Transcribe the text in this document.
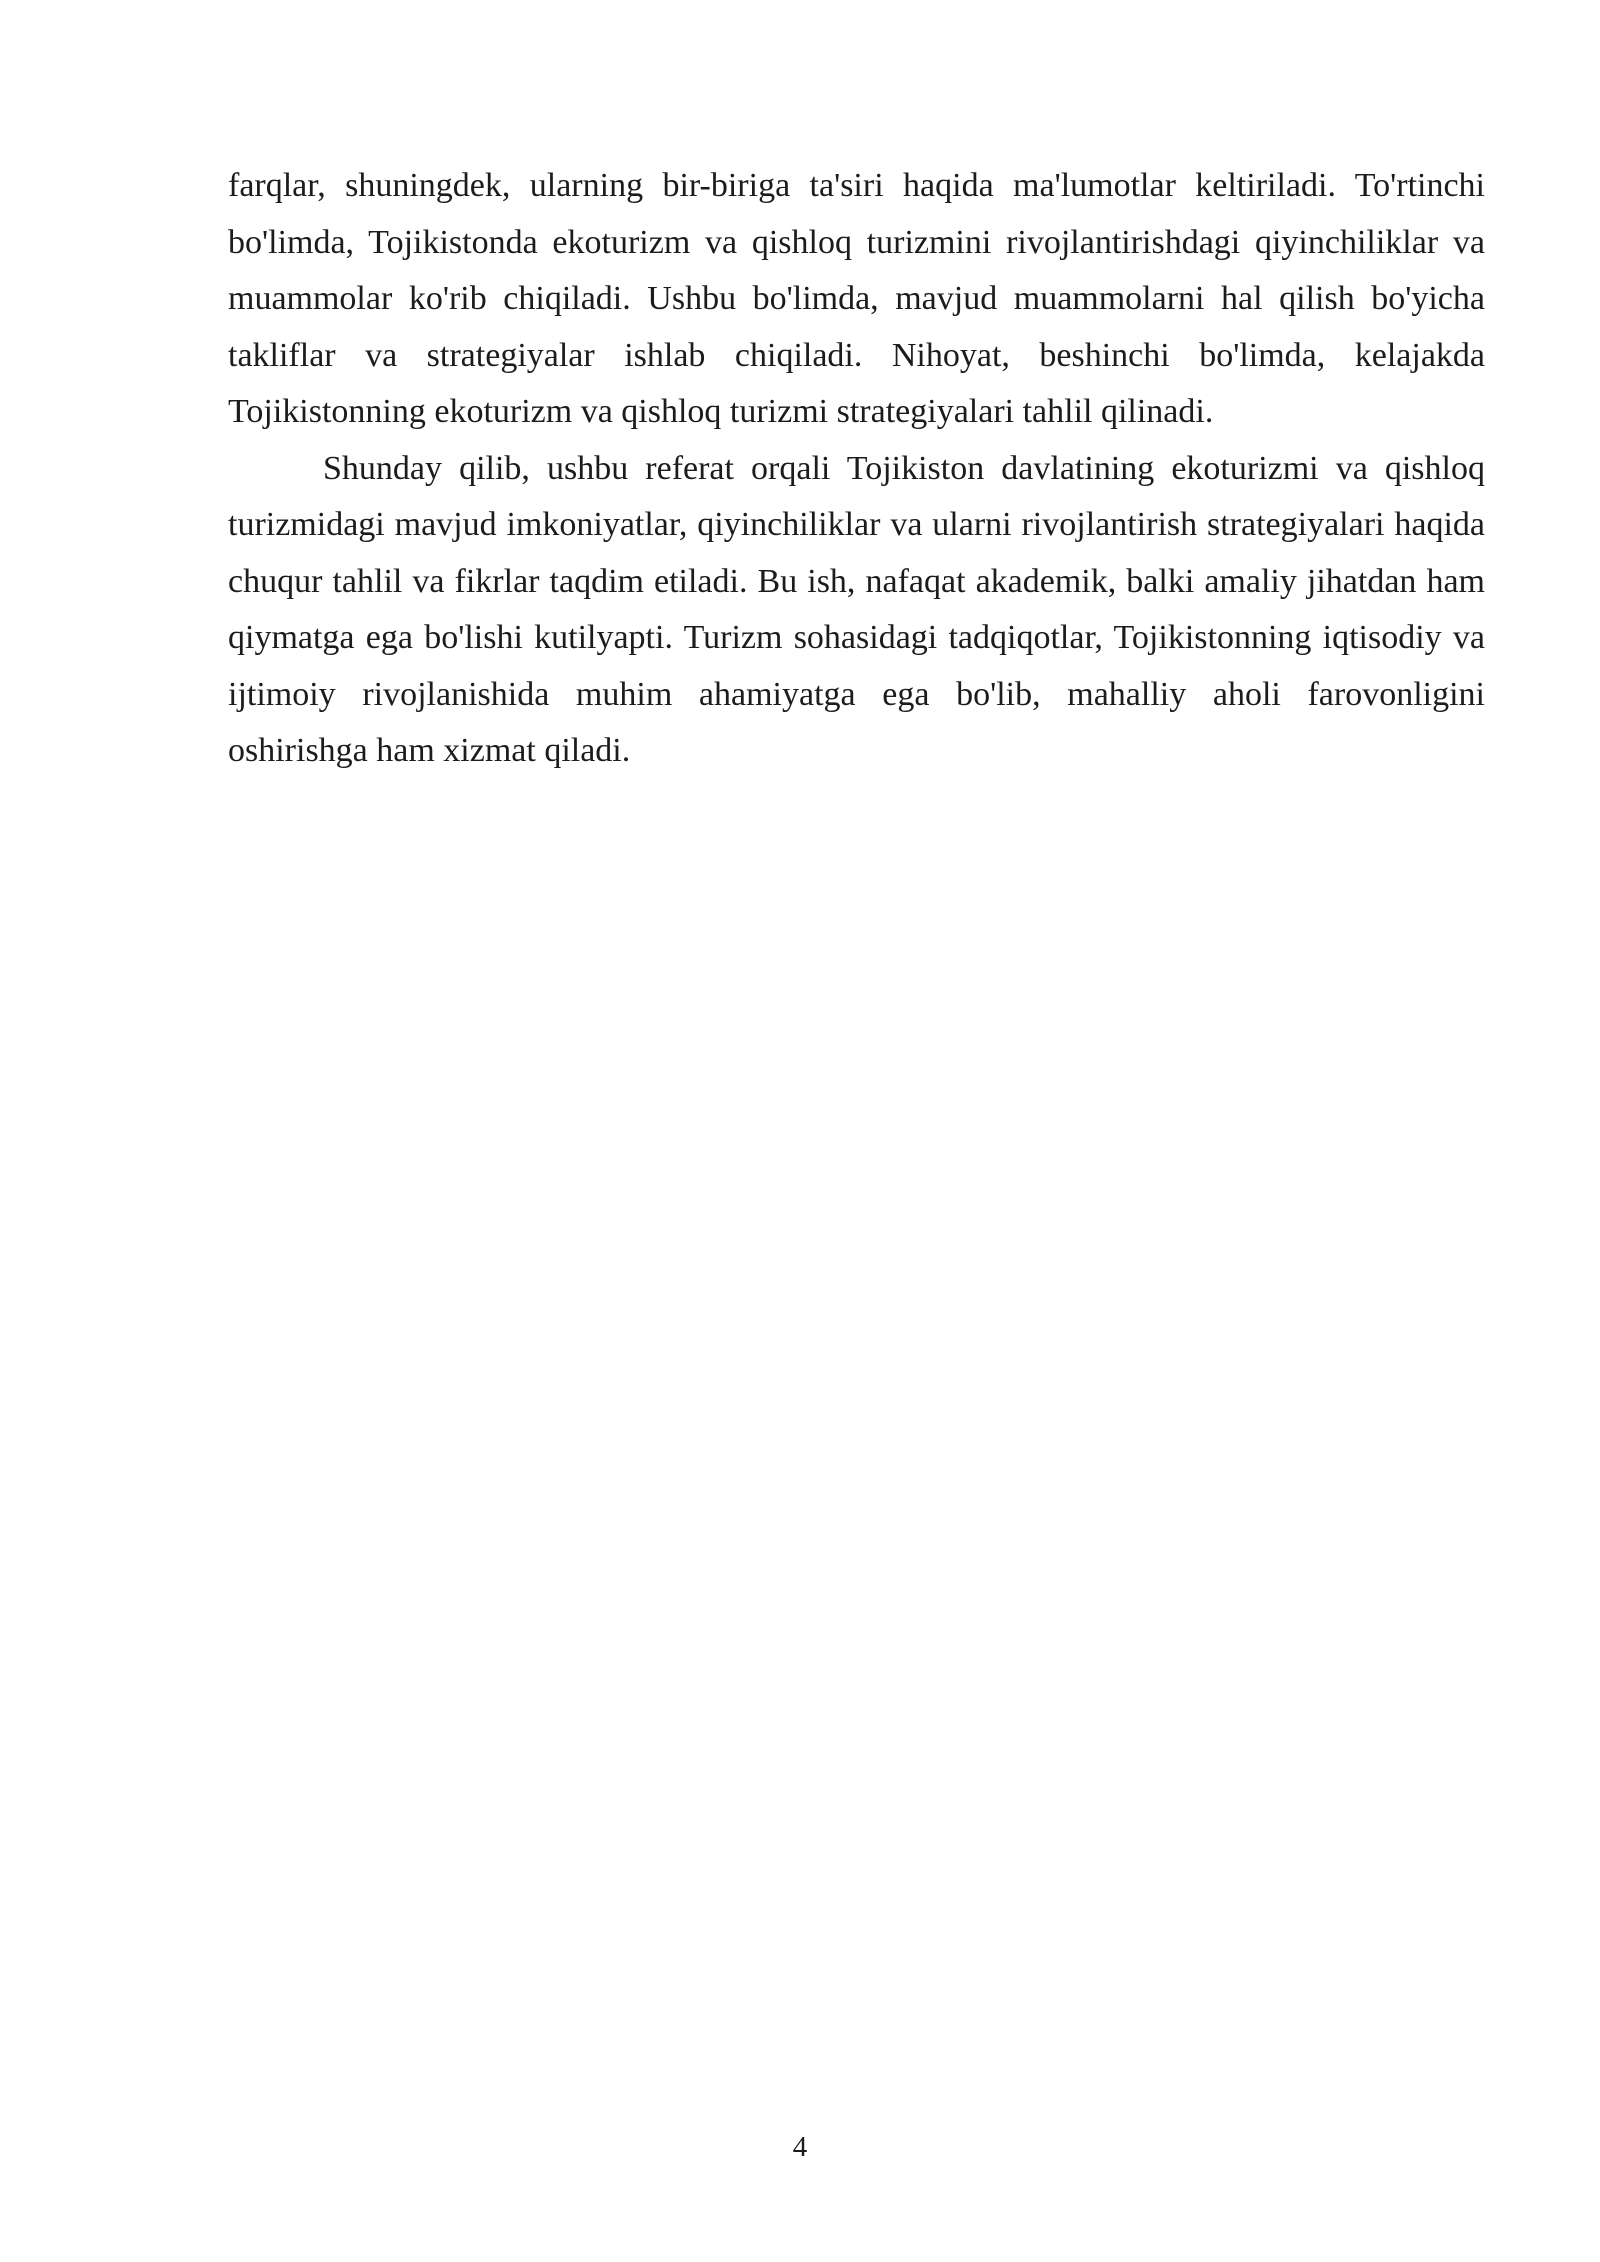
farqlar, shuningdek, ularning bir-biriga ta'siri haqida ma'lumotlar keltiriladi. To'rtinchi bo'limda, Tojikistonda ekoturizm va qishloq turizmini rivojlantirishdagi qiyinchiliklar va muammolar ko'rib chiqiladi. Ushbu bo'limda, mavjud muammolarni hal qilish bo'yicha takliflar va strategiyalar ishlab chiqiladi. Nihoyat, beshinchi bo'limda, kelajakda Tojikistonning ekoturizm va qishloq turizmi strategiyalari tahlil qilinadi.

Shunday qilib, ushbu referat orqali Tojikiston davlatining ekoturizmi va qishloq turizmidagi mavjud imkoniyatlar, qiyinchiliklar va ularni rivojlantirish strategiyalari haqida chuqur tahlil va fikrlar taqdim etiladi. Bu ish, nafaqat akademik, balki amaliy jihatdan ham qiymatga ega bo'lishi kutilyapti. Turizm sohasidagi tadqiqotlar, Tojikistonning iqtisodiy va ijtimoiy rivojlanishida muhim ahamiyatga ega bo'lib, mahalliy aholi farovonligini oshirishga ham xizmat qiladi.

4
